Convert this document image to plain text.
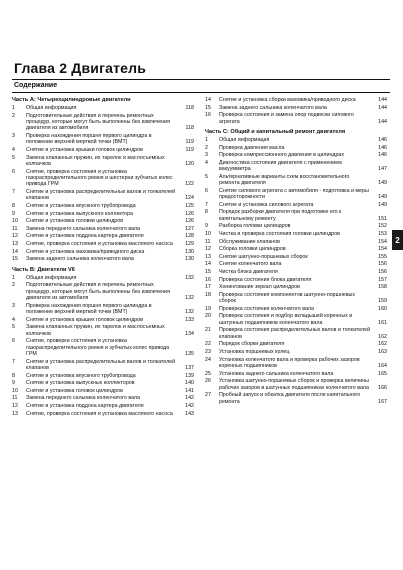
Глава 2 Двигатель
Содержание
Часть А: Четырехцилиндровые двигатели
1	Общая информация	118
2	Подготовительные действия и перечень ремонтных процедур, которые могут быть выполнены без извлечения двигателя из автомобиля	118
3	Проверка нахождения поршня первого цилиндра в положение верхней мертвой точки (ВМТ)	119
4	Снятие и установка крышки головок цилиндров	119
5	Замена клапанных пружин, их тарелок и маслосъемных колпачков	120
6	Снятие, проверка состояния и установка газораспределительного ремня и шестерни зубчатых колес привода ГРМ	122
7	Снятие и установка распределительных валов и толкателей клапанов	124
8	Снятие и установка впускного трубопровода	125
9	Снятие и установка выпускного коллектора	126
10	Снятие и установка головки цилиндров	126
11	Замена переднего сальника коленчатого вала	127
12	Снятие и установка поддона картера двигателя	128
13	Снятие, проверка состояния и установка масляного насоса	129
14	Снятие и установка маховика/приводного диска	130
15	Замена заднего сальника коленчатого вала	130
Часть В: Двигатели V6
1	Общая информация	132
2	Подготовительные действия и перечень ремонтных процедур, которые могут быть выполнены без извлечения двигателя из автомобиля	132
3	Проверка нахождения поршня первого цилиндра в положение верхней мертвой точки (ВМТ)	132
4	Снятие и установка крышек головок цилиндров	133
5	Замена клапанных пружин, их тарелок и маслосъемных колпачков	134
6	Снятие, проверка состояния и установка газораспределительного ремня и зубчатых колес привода ГРМ	135
7	Снятие и установка распределительных валов и толкателей клапанов	137
8	Снятие и установка впускного трубопровода	139
9	Снятие и установка выпускных коллекторов	140
10	Снятие и установка головок цилиндров	141
11	Замена переднего сальника коленчатого вала	142
12	Снятие и установка поддона картера двигателя	142
13	Снятие, проверка состояния и установка масляного насоса	143
14	Снятие и установка сборки маховика/приводного диска	144
15	Замена заднего сальника коленчатого вала	144
16	Проверка состояния и замена опор подвески силового агрегата	144
Часть С: Общий и капитальный ремонт двигателя
1	Общая информация	146
2	Проверка давления масла	146
3	Проверка компрессионного давления в цилиндрах	146
4	Диагностика состояния двигателя с применением вакуумметра	147
5	Альтернативные варианты схем восстановительного ремонта двигателя	149
6	Снятие силового агрегата с автомобиля - подготовка и меры предосторожности	149
7	Снятие и установка силового агрегата	149
8	Порядок разборки двигателя при подготовке его к капитальному ремонту	151
9	Разборка головки цилиндров	152
10	Чистка и проверка состояния головки цилиндров	153
11	Обслуживание клапанов	154
12	Сборка головки цилиндров	154
13	Снятие шатунно-поршневых сборок	155
14	Снятие коленчатого вала	156
15	Чистка блока двигателя	156
16	Проверка состояния блока двигателя	157
17	Хонингование зеркал цилиндров	158
18	Проверка состояния компонентов шатунно-поршневых сборок	159
19	Проверка состояния коленчатого вала	160
20	Проверка состояния и подбор вкладышей коренных и шатунных подшипников коленчатого вала	161
21	Проверка состояния распределительных валов и толкателей клапанов	162
22	Порядок сборки двигателя	162
23	Установка поршневых колец	163
24	Установка коленчатого вала и проверка рабочих зазоров коренных подшипников	164
25	Установка заднего сальника коленчатого вала	165
26	Установка шатунно-поршневых сборок и проверка величины рабочих зазоров в шатунных подшипниках коленчатого вала	166
27	Пробный запуск и обкатка двигателя после капитального ремонта	167
2
